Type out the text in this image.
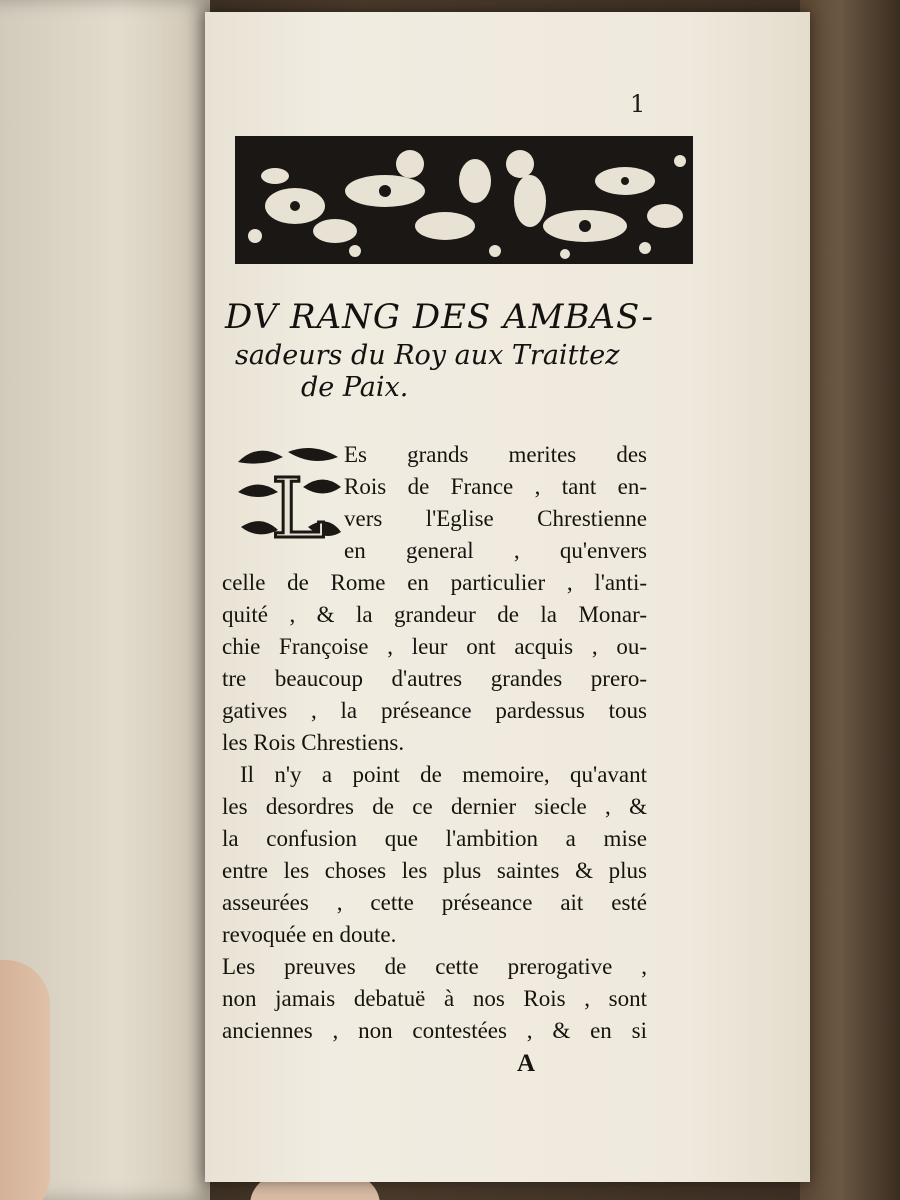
1
DV RANG DES AMBAS-
sadeurs du Roy aux Traittez
de Paix.
L
Es grands merites des
Rois de France , tant en-
vers l'Eglise Chrestienne
en general , qu'envers
celle de Rome en particulier , l'anti-
quité , & la grandeur de la Monar-
chie Françoise , leur ont acquis , ou-
tre beaucoup d'autres grandes prero-
gatives , la préseance pardessus tous
les Rois Chrestiens.
Il n'y a point de memoire, qu'avant
les desordres de ce dernier siecle , &
la confusion que l'ambition a mise
entre les choses les plus saintes & plus
asseurées , cette préseance ait esté
revoquée en doute.
Les preuves de cette prerogative ,
non jamais debatuë à nos Rois , sont
anciennes , non contestées , & en si
A
